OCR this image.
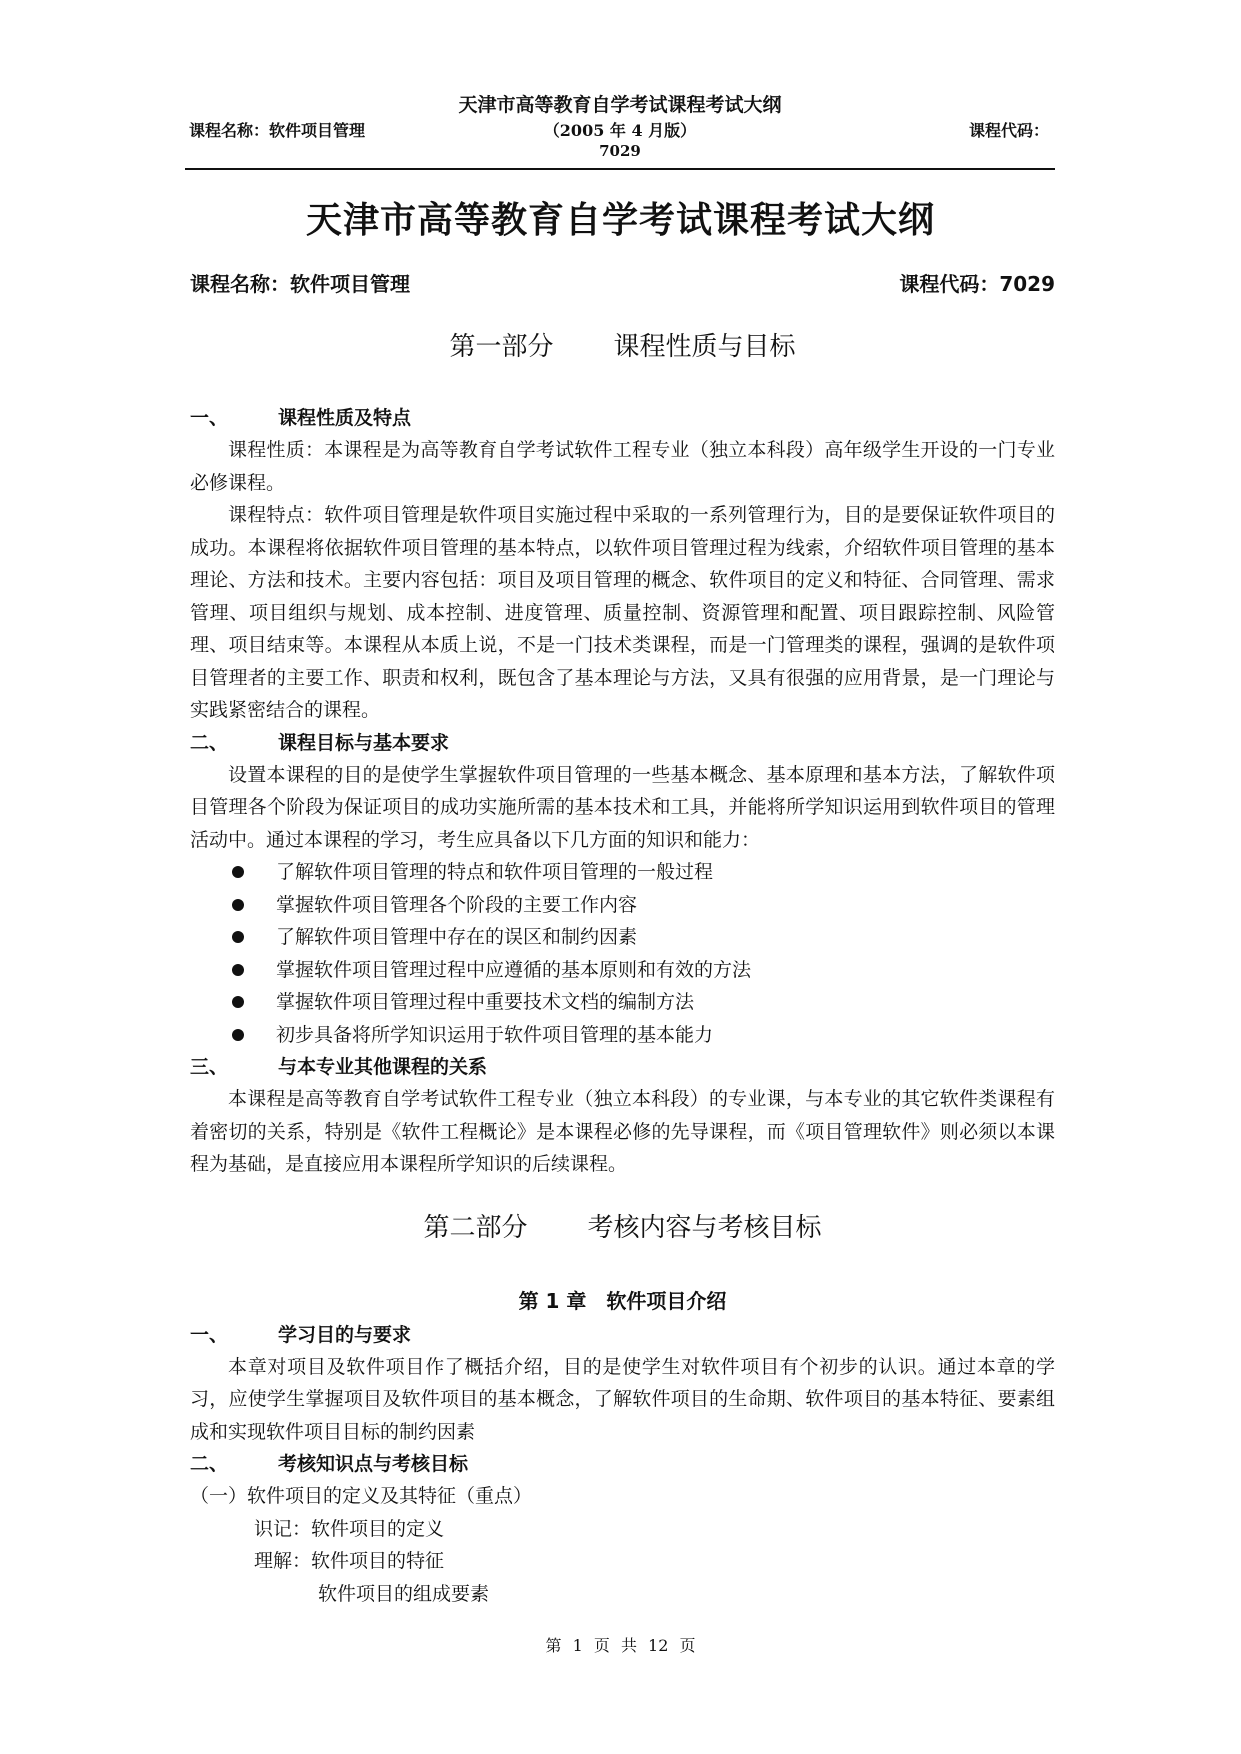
天津市高等教育自学考试课程考试大纲
课程名称：软件项目管理	（2005 年 4 月版）	课程代码：
7029
天津市高等教育自学考试课程考试大纲
课程名称：软件项目管理	课程代码：7029
第一部分 课程性质与目标
一、	课程性质及特点

课程性质：本课程是为高等教育自学考试软件工程专业（独立本科段）高年级学生开设的一门专业必修课程。

课程特点：软件项目管理是软件项目实施过程中采取的一系列管理行为，目的是要保证软件项目的成功。本课程将依据软件项目管理的基本特点，以软件项目管理过程为线索，介绍软件项目管理的基本理论、方法和技术。主要内容包括：项目及项目管理的概念、软件项目的定义和特征、合同管理、需求管理、项目组织与规划、成本控制、进度管理、质量控制、资源管理和配置、项目跟踪控制、风险管理、项目结束等。本课程从本质上说，不是一门技术类课程，而是一门管理类的课程，强调的是软件项目管理者的主要工作、职责和权利，既包含了基本理论与方法，又具有很强的应用背景，是一门理论与实践紧密结合的课程。

二、	课程目标与基本要求

设置本课程的目的是使学生掌握软件项目管理的一些基本概念、基本原理和基本方法，了解软件项目管理各个阶段为保证项目的成功实施所需的基本技术和工具，并能将所学知识运用到软件项目的管理活动中。通过本课程的学习，考生应具备以下几方面的知识和能力：

了解软件项目管理的特点和软件项目管理的一般过程
掌握软件项目管理各个阶段的主要工作内容
了解软件项目管理中存在的误区和制约因素
掌握软件项目管理过程中应遵循的基本原则和有效的方法
掌握软件项目管理过程中重要技术文档的编制方法
初步具备将所学知识运用于软件项目管理的基本能力
三、	与本专业其他课程的关系

本课程是高等教育自学考试软件工程专业（独立本科段）的专业课，与本专业的其它软件类课程有着密切的关系，特别是《软件工程概论》是本课程必修的先导课程，而《项目管理软件》则必须以本课程为基础，是直接应用本课程所学知识的后续课程。

第二部分 考核内容与考核目标
第 1 章　软件项目介绍
一、	学习目的与要求

本章对项目及软件项目作了概括介绍，目的是使学生对软件项目有个初步的认识。通过本章的学习，应使学生掌握项目及软件项目的基本概念，了解软件项目的生命期、软件项目的基本特征、要素组成和实现软件项目目标的制约因素

二、	考核知识点与考核目标
（一）软件项目的定义及其特征（重点）
识记：软件项目的定义
理解：软件项目的特征
软件项目的组成要素
第 1 页 共 12 页
